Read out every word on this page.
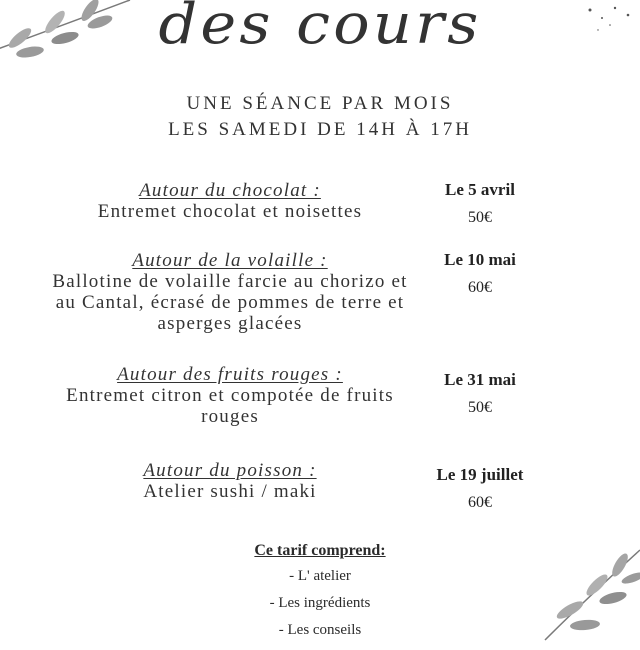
des cours
UNE SÉANCE PAR MOIS
LES SAMEDI DE 14H À 17H
Autour du chocolat :
Entremet chocolat et noisettes
Le 5 avril
50€
Autour de la volaille :
Ballotine de volaille farcie au chorizo et au Cantal, écrasé de pommes de terre et asperges glacées
Le 10 mai
60€
Autour des fruits rouges :
Entremet citron et compotée de fruits rouges
Le 31 mai
50€
Autour du poisson :
Atelier sushi / maki
Le 19 juillet
60€
Ce tarif comprend:
- L' atelier
- Les ingrédients
- Les conseils
